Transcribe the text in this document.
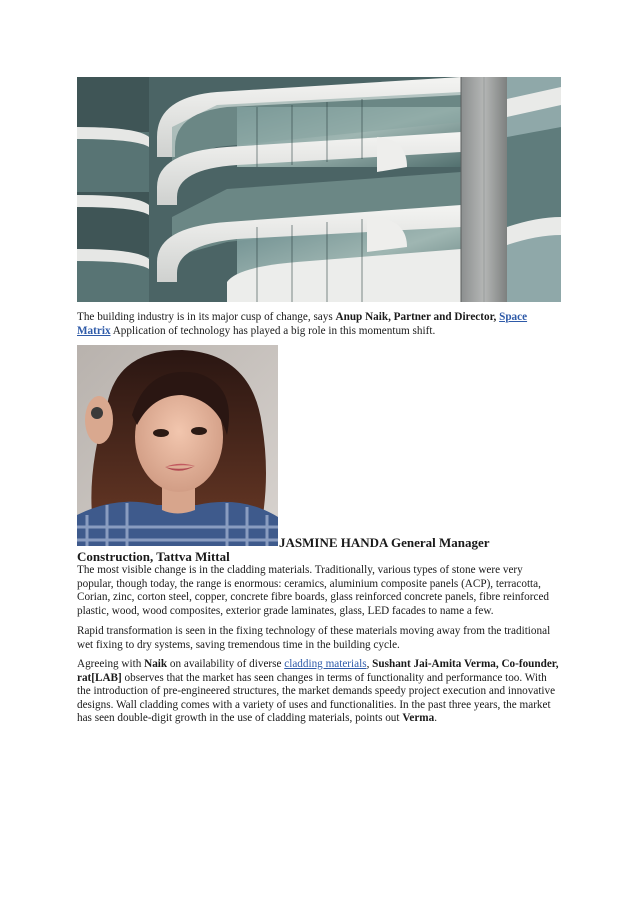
The building industry is in its major cusp of change, says Anup Naik, Partner and Director, Space Matrix Application of technology has played a big role in this momentum shift.
JASMINE HANDA General Manager
Construction, Tattva Mittal

The most visible change is in the cladding materials. Traditionally, various types of stone were very popular, though today, the range is enormous: ceramics, aluminium composite panels (ACP), terracotta, Corian, zinc, corton steel, copper, concrete fibre boards, glass reinforced concrete panels, fibre reinforced plastic, wood, wood composites, exterior grade laminates, glass, LED facades to name a few.

Rapid transformation is seen in the fixing technology of these materials moving away from the traditional wet fixing to dry systems, saving tremendous time in the building cycle.

Agreeing with Naik on availability of diverse cladding materials, Sushant Jai-Amita Verma, Co-founder, rat[LAB] observes that the market has seen changes in terms of functionality and performance too. With the introduction of pre-engineered structures, the market demands speedy project execution and innovative designs. Wall cladding comes with a variety of uses and functionalities. In the past three years, the market has seen double-digit growth in the use of cladding materials, points out Verma.
